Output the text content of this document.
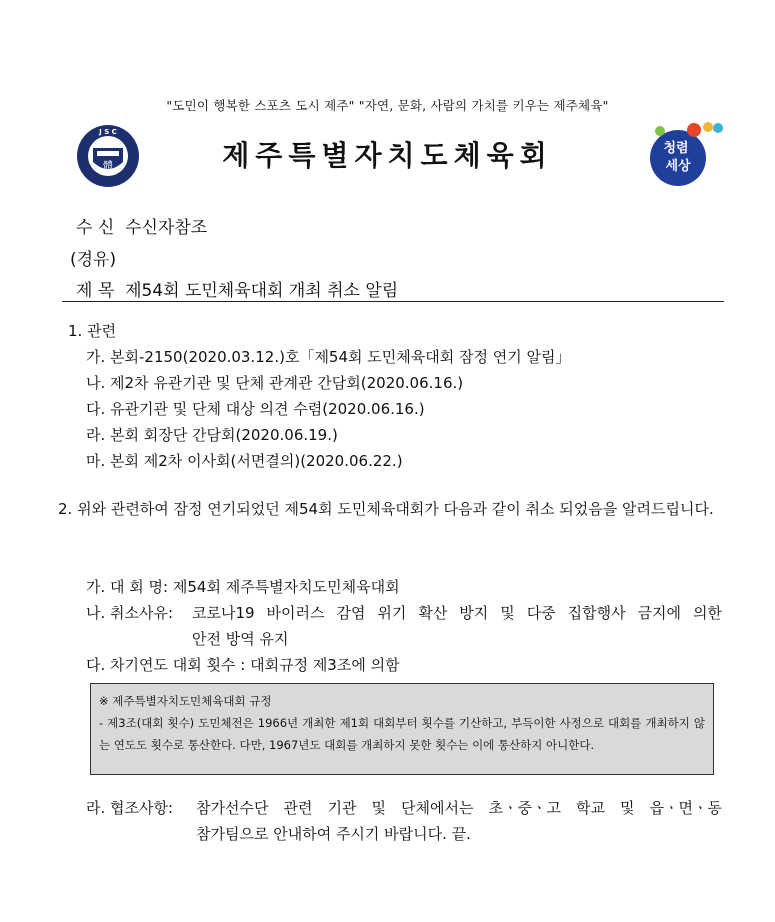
"도민이 행복한 스포츠 도시 제주" "자연, 문화, 사람의 가치를 키우는 제주체육"
體
J S C
제주특별자치도체육회	청렴
세상
수 신 수신자참조
(경유)
제 목 제54회 도민체육대회 개최 취소 알림
1. 관련
가. 본회-2150(2020.03.12.)호「제54회 도민체육대회 잠정 연기 알림」
나. 제2차 유관기관 및 단체 관계관 간담회(2020.06.16.)
다. 유관기관 및 단체 대상 의견 수렴(2020.06.16.)
라. 본회 회장단 간담회(2020.06.19.)
마. 본회 제2차 이사회(서면결의)(2020.06.22.)
2. 위와 관련하여 잠정 연기되었던 제54회 도민체육대회가 다음과 같이 취소 되었음을 알려드립니다.
가. 대 회 명: 제54회 제주특별자치도민체육대회
나. 취소사유: 코로나19 바이러스 감염 위기 확산 방지 및 다중 집합행사 금지에 의한
안전 방역 유지
다. 차기연도 대회 횟수 : 대회규정 제3조에 의함

※ 제주특별자치도민체육대회 규정

- 제3조(대회 횟수) 도민체전은 1966년 개최한 제1회 대회부터 횟수를 기산하고, 부득이한 사정으로 대회를 개최하지 않는 연도도 횟수로 통산한다. 다만, 1967년도 대회를 개최하지 못한 횟수는 이에 통산하지 아니한다.

라. 협조사항: 참가선수단 관련 기관 및 단체에서는 초ㆍ중ㆍ고 학교 및 읍ㆍ면ㆍ동
참가팀으로 안내하여 주시기 바랍니다. 끝.
